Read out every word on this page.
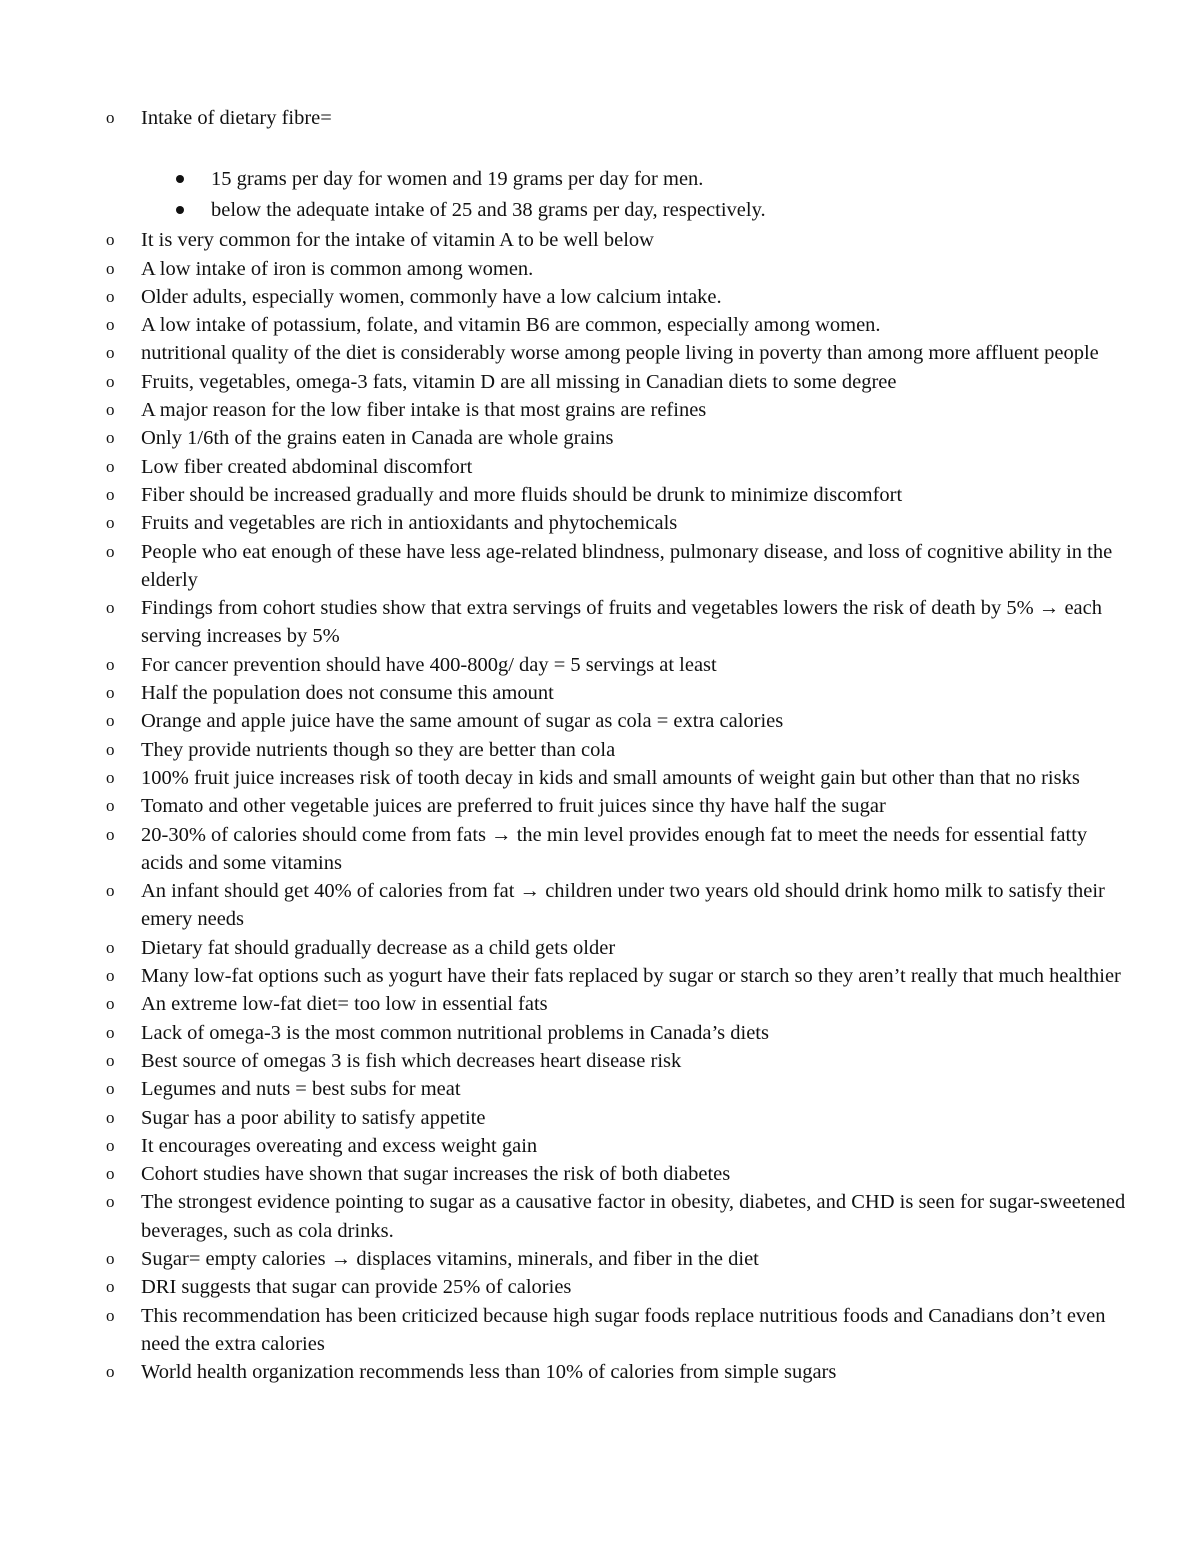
o Intake of dietary fibre=
15 grams per day for women and 19 grams per day for men.
below the adequate intake of 25 and 38 grams per day, respectively.
o It is very common for the intake of vitamin A to be well below
o A low intake of iron is common among women.
o Older adults, especially women, commonly have a low calcium intake.
o A low intake of potassium, folate, and vitamin B6 are common, especially among women.
o nutritional quality of the diet is considerably worse among people living in poverty than among more affluent people
o Fruits, vegetables, omega-3 fats, vitamin D are all missing in Canadian diets to some degree
o A major reason for the low fiber intake is that most grains are refines
o Only 1/6th of the grains eaten in Canada are whole grains
o Low fiber created abdominal discomfort
o Fiber should be increased gradually and more fluids should be drunk to minimize discomfort
o Fruits and vegetables are rich in antioxidants and phytochemicals
o People who eat enough of these have less age-related blindness, pulmonary disease, and loss of cognitive ability in the elderly
o Findings from cohort studies show that extra servings of fruits and vegetables lowers the risk of death by 5% → each serving increases by 5%
o For cancer prevention should have 400-800g/ day = 5 servings at least
o Half the population does not consume this amount
o Orange and apple juice have the same amount of sugar as cola = extra calories
o They provide nutrients though so they are better than cola
o 100% fruit juice increases risk of tooth decay in kids and small amounts of weight gain but other than that no risks
o Tomato and other vegetable juices are preferred to fruit juices since thy have half the sugar
o 20-30% of calories should come from fats → the min level provides enough fat to meet the needs for essential fatty acids and some vitamins
o An infant should get 40% of calories from fat → children under two years old should drink homo milk to satisfy their emery needs
o Dietary fat should gradually decrease as a child gets older
o Many low-fat options such as yogurt have their fats replaced by sugar or starch so they aren’t really that much healthier
o An extreme low-fat diet= too low in essential fats
o Lack of omega-3 is the most common nutritional problems in Canada’s diets
o Best source of omegas 3 is fish which decreases heart disease risk
o Legumes and nuts = best subs for meat
o Sugar has a poor ability to satisfy appetite
o It encourages overeating and excess weight gain
o Cohort studies have shown that sugar increases the risk of both diabetes
o The strongest evidence pointing to sugar as a causative factor in obesity, diabetes, and CHD is seen for sugar-sweetened beverages, such as cola drinks.
o Sugar= empty calories → displaces vitamins, minerals, and fiber in the diet
o DRI suggests that sugar can provide 25% of calories
o This recommendation has been criticized because high sugar foods replace nutritious foods and Canadians don’t even need the extra calories
o World health organization recommends less than 10% of calories from simple sugars
